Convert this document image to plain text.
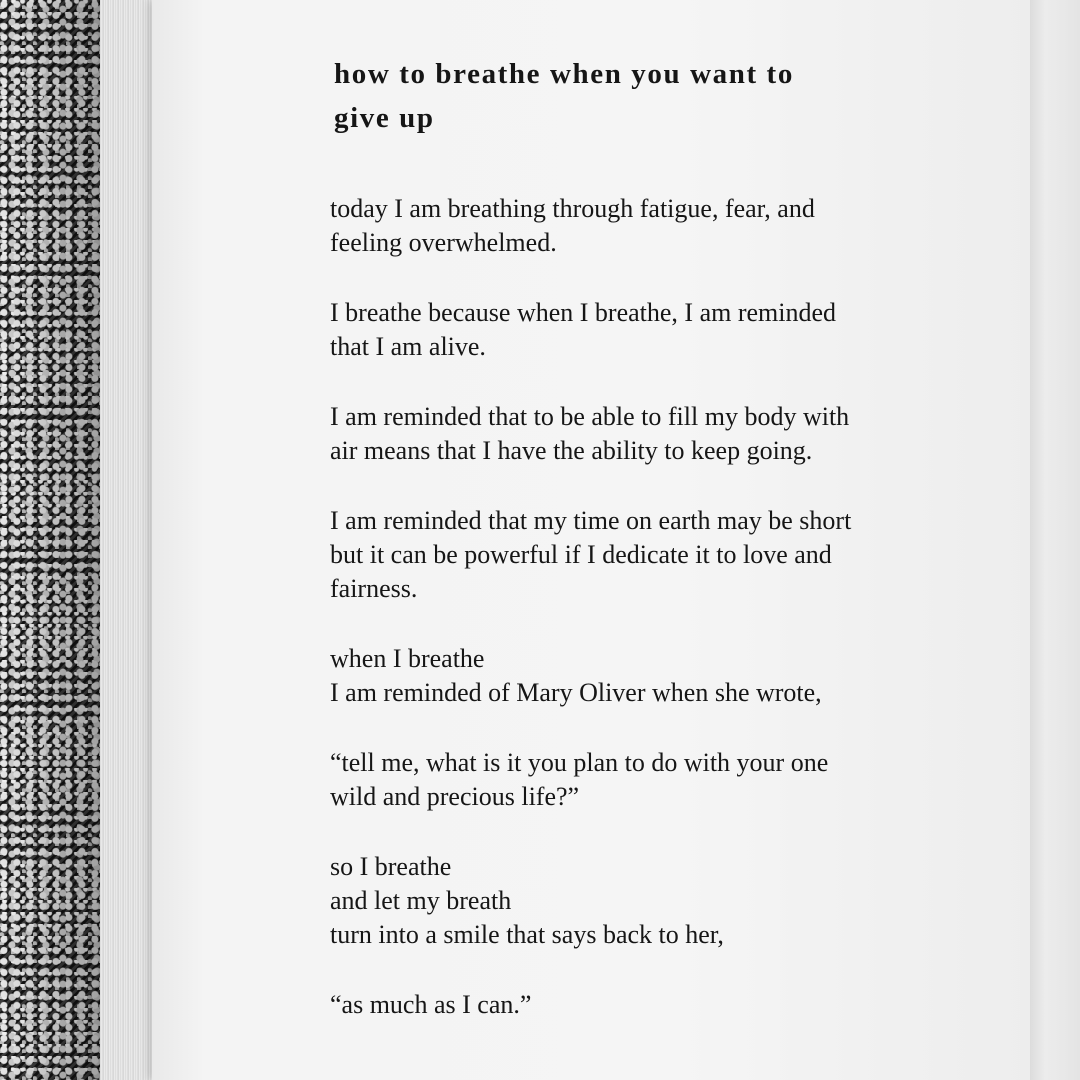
how to breathe when you want to
give up
today I am breathing through fatigue, fear, and
feeling overwhelmed.
I breathe because when I breathe, I am reminded
that I am alive.
I am reminded that to be able to fill my body with
air means that I have the ability to keep going.
I am reminded that my time on earth may be short
but it can be powerful if I dedicate it to love and
fairness.
when I breathe
I am reminded of Mary Oliver when she wrote,
“tell me, what is it you plan to do with your one
wild and precious life?”
so I breathe
and let my breath
turn into a smile that says back to her,
“as much as I can.”
